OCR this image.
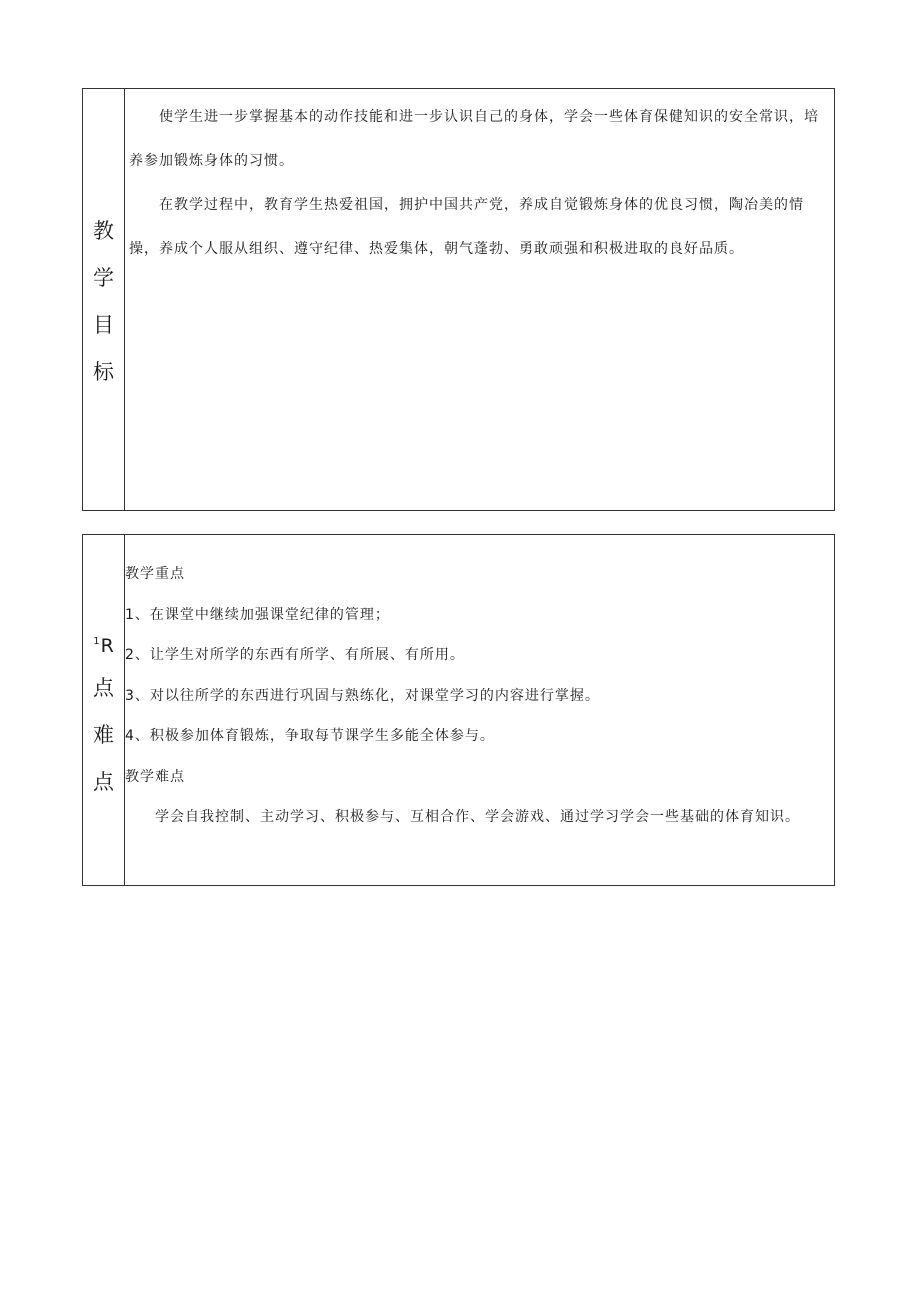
教
学
目
标

使学生进一步掌握基本的动作技能和进一步认识自己的身体，学会一些体育保健知识的安全常识，培养参加锻炼身体的习惯。

在教学过程中，教育学生热爱祖国，拥护中国共产党，养成自觉锻炼身体的优良习惯，陶冶美的情操，养成个人服从组织、遵守纪律、热爱集体，朝气蓬勃、勇敢顽强和积极进取的良好品质。

$^1$R
点
难
点

教学重点

1、在课堂中继续加强课堂纪律的管理；

2、让学生对所学的东西有所学、有所展、有所用。

3、对以往所学的东西进行巩固与熟练化，对课堂学习的内容进行掌握。

4、积极参加体育锻炼，争取每节课学生多能全体参与。

教学难点

学会自我控制、主动学习、积极参与、互相合作、学会游戏、通过学习学会一些基础的体育知识。
